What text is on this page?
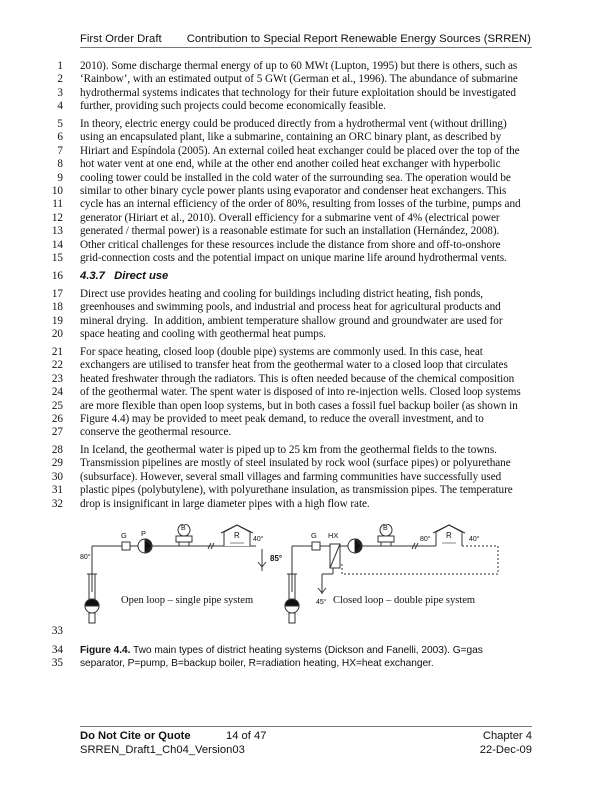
First Order Draft Contribution to Special Report Renewable Energy Sources (SRREN)
1 2010). Some discharge thermal energy of up to 60 MWt (Lupton, 1995) but there is others, such as
2 ‘Rainbow’, with an estimated output of 5 GWt (German et al., 1996). The abundance of submarine
3 hydrothermal systems indicates that technology for their future exploitation should be investigated
4 further, providing such projects could become economically feasible.
5 In theory, electric energy could be produced directly from a hydrothermal vent (without drilling)
6 using an encapsulated plant, like a submarine, containing an ORC binary plant, as described by
7 Hiriart and Espíndola (2005). An external coiled heat exchanger could be placed over the top of the
8 hot water vent at one end, while at the other end another coiled heat exchanger with hyperbolic
9 cooling tower could be installed in the cold water of the surrounding sea. The operation would be
10 similar to other binary cycle power plants using evaporator and condenser heat exchangers. This
11 cycle has an internal efficiency of the order of 80%, resulting from losses of the turbine, pumps and
12 generator (Hiriart et al., 2010). Overall efficiency for a submarine vent of 4% (electrical power
13 generated / thermal power) is a reasonable estimate for such an installation (Hernández, 2008).
14 Other critical challenges for these resources include the distance from shore and off-to-onshore
15 grid-connection costs and the potential impact on unique marine life around hydrothermal vents.
16 4.3.7   Direct use
17 Direct use provides heating and cooling for buildings including district heating, fish ponds,
18 greenhouses and swimming pools, and industrial and process heat for agricultural products and
19 mineral drying.  In addition, ambient temperature shallow ground and groundwater are used for
20 space heating and cooling with geothermal heat pumps.
21 For space heating, closed loop (double pipe) systems are commonly used. In this case, heat
22 exchangers are utilised to transfer heat from the geothermal water to a closed loop that circulates
23 heated freshwater through the radiators. This is often needed because of the chemical composition
24 of the geothermal water. The spent water is disposed of into re-injection wells. Closed loop systems
25 are more flexible than open loop systems, but in both cases a fossil fuel backup boiler (as shown in
26 Figure 4.4) may be provided to meet peak demand, to reduce the overall investment, and to
27 conserve the geothermal resource.
28 In Iceland, the geothermal water is piped up to 25 km from the geothermal fields to the towns.
29 Transmission pipelines are mostly of steel insulated by rock wool (surface pipes) or polyurethane
30 (subsurface). However, several small villages and farming communities have successfully used
31 plastic pipes (polybutylene), with polyurethane insulation, as transmission pipes. The temperature
32 drop is insignificant in large diameter pipes with a high flow rate.
G P
B
R
80°
40°
Open loop – single pipe system
G HX
B
R
85°
80°	40°
45° Closed loop – double pipe system
33
34 Figure 4.4. Two main types of district heating systems (Dickson and Fanelli, 2003). G=gas
35 separator, P=pump, B=backup boiler, R=radiation heating, HX=heat exchanger.
Do Not Cite or Quote	14 of 47	Chapter 4
SRREN_Draft1_Ch04_Version03	22-Dec-09
